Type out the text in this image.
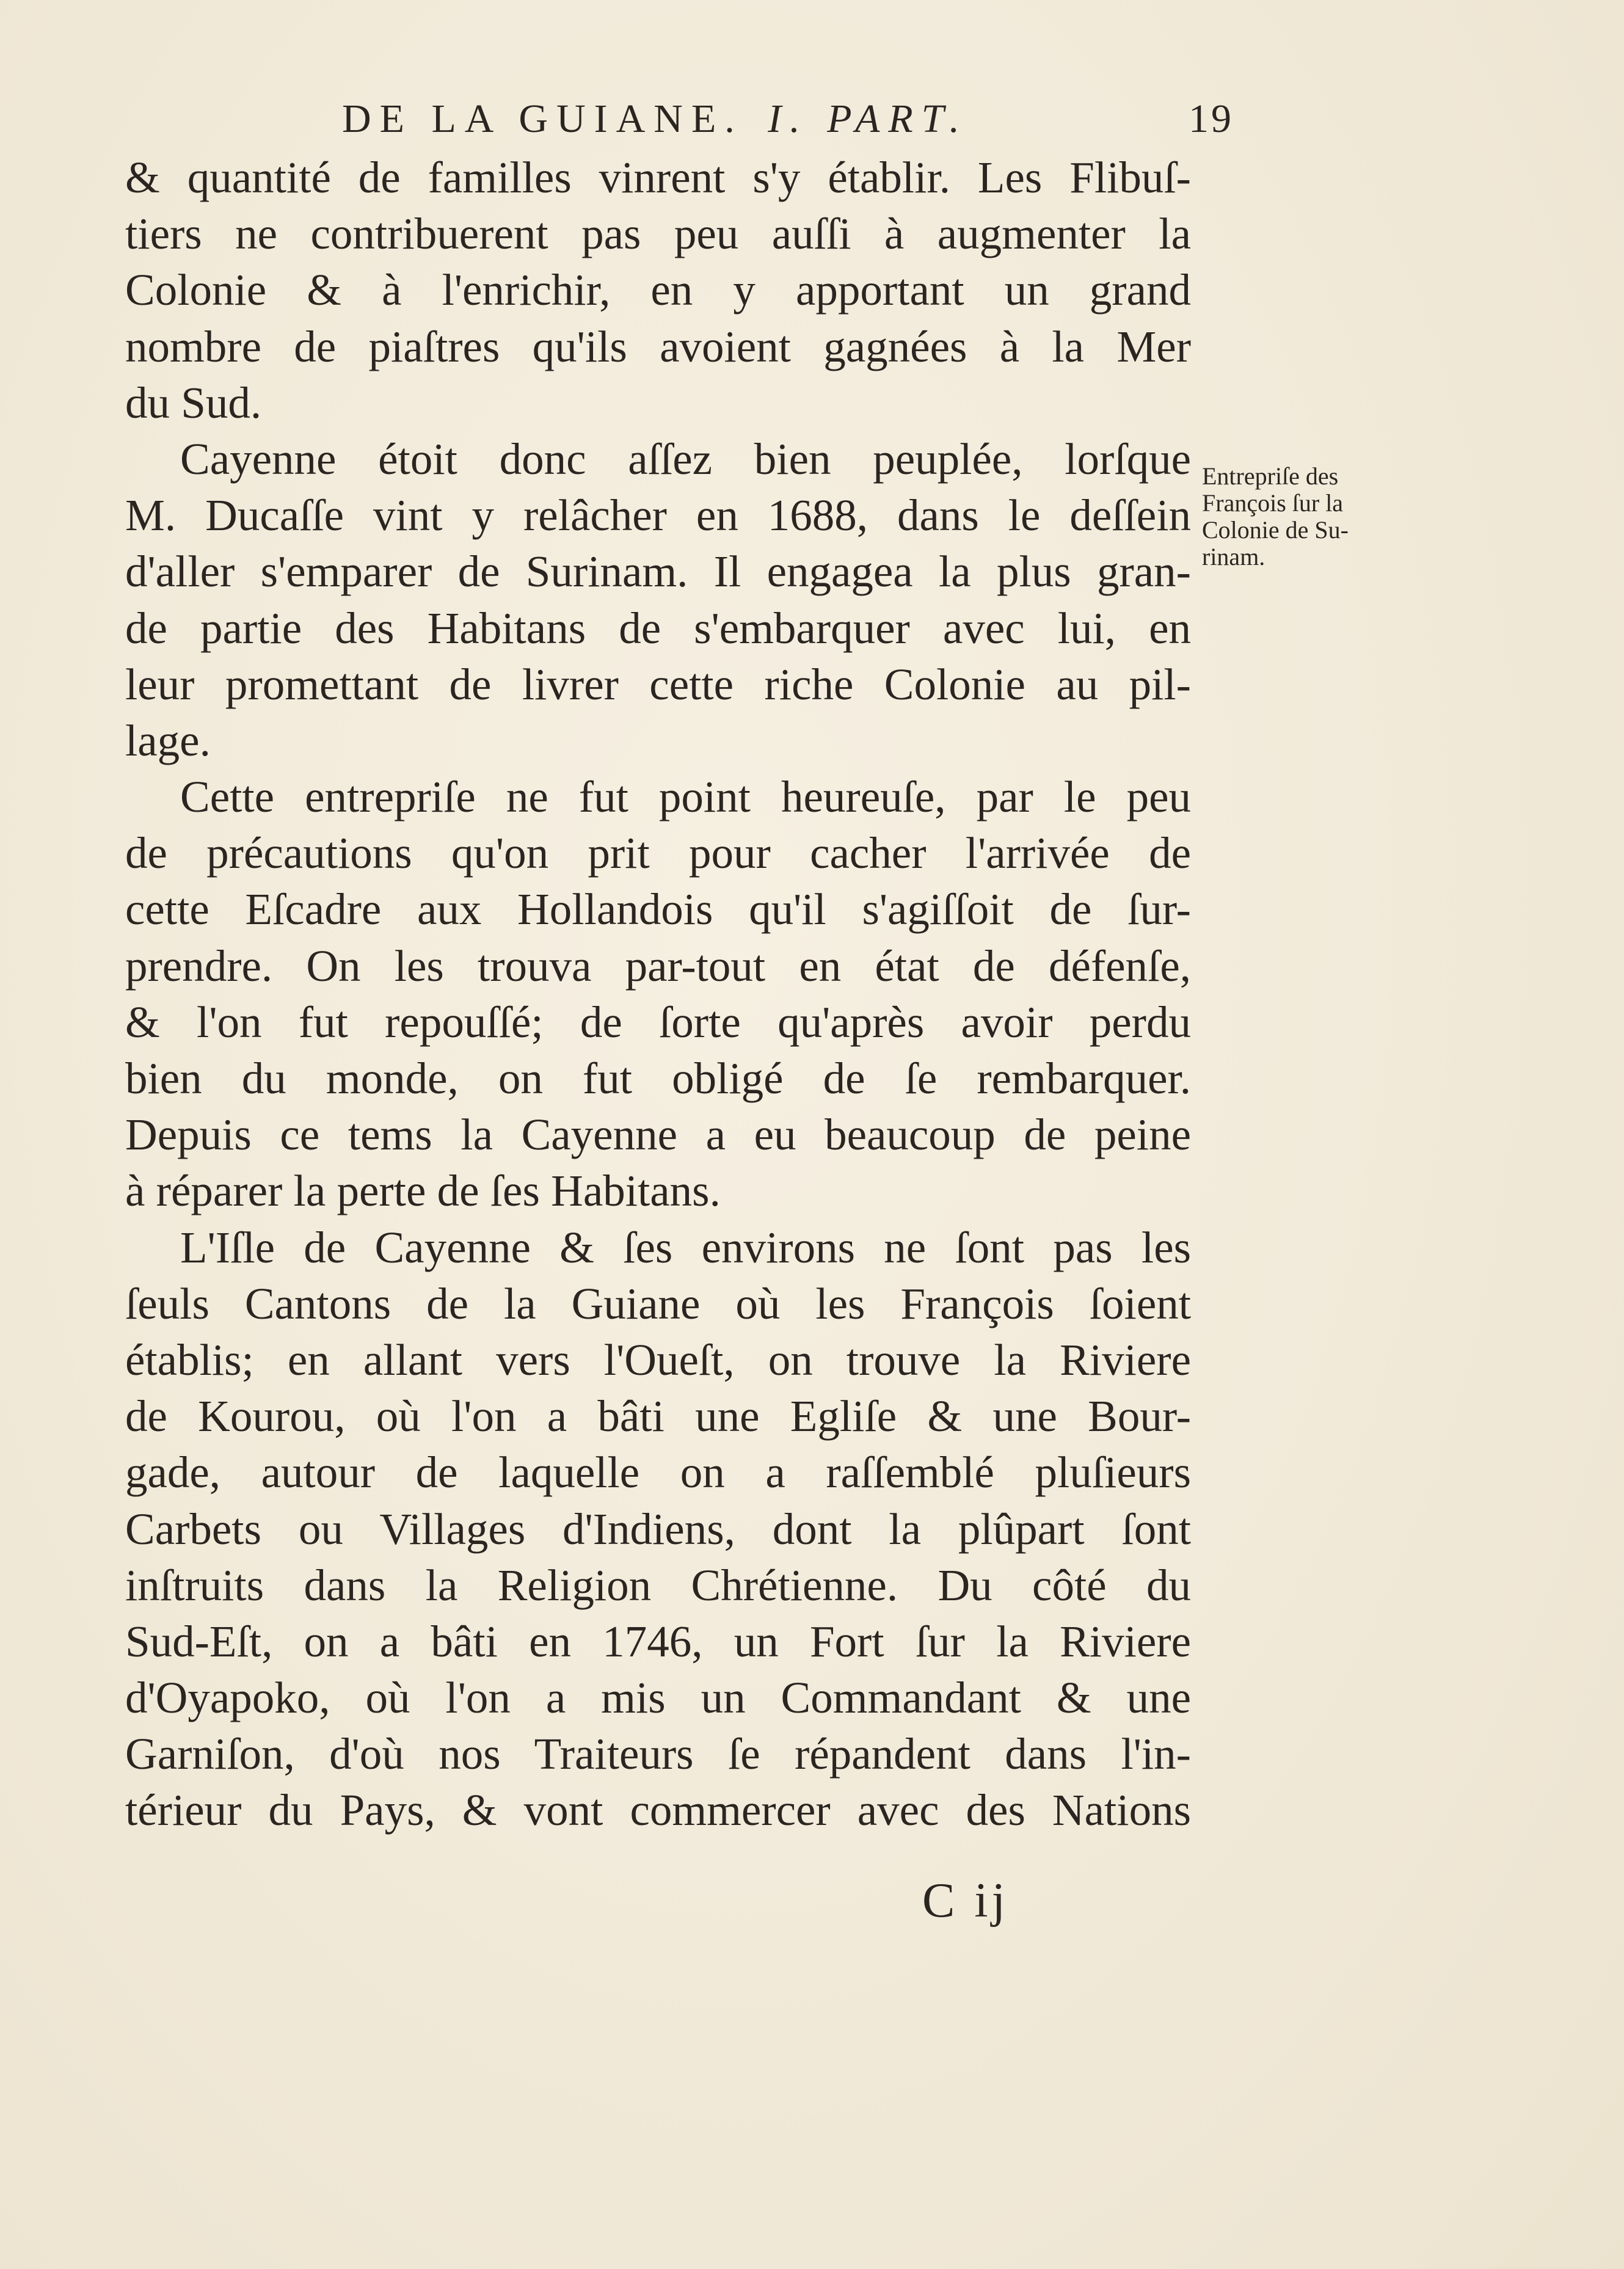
DE LA GUIANE. I. PART.	19
& quantité de familles vinrent s'y établir. Les Flibuſ-
tiers ne contribuerent pas peu auſſi à augmenter la
Colonie & à l'enrichir, en y apportant un grand
nombre de piaſtres qu'ils avoient gagnées à la Mer
du Sud.
Cayenne étoit donc aſſez bien peuplée, lorſque
M. Ducaſſe vint y relâcher en 1688, dans le deſſein
d'aller s'emparer de Surinam. Il engagea la plus gran-
de partie des Habitans de s'embarquer avec lui, en
leur promettant de livrer cette riche Colonie au pil-
lage.
Cette entrepriſe ne fut point heureuſe, par le peu
de précautions qu'on prit pour cacher l'arrivée de
cette Eſcadre aux Hollandois qu'il s'agiſſoit de ſur-
prendre. On les trouva par-tout en état de défenſe,
& l'on fut repouſſé; de ſorte qu'après avoir perdu
bien du monde, on fut obligé de ſe rembarquer.
Depuis ce tems la Cayenne a eu beaucoup de peine
à réparer la perte de ſes Habitans.
L'Iſle de Cayenne & ſes environs ne ſont pas les
ſeuls Cantons de la Guiane où les François ſoient
établis; en allant vers l'Oueſt, on trouve la Riviere
de Kourou, où l'on a bâti une Egliſe & une Bour-
gade, autour de laquelle on a raſſemblé pluſieurs
Carbets ou Villages d'Indiens, dont la plûpart ſont
inſtruits dans la Religion Chrétienne. Du côté du
Sud-Eſt, on a bâti en 1746, un Fort ſur la Riviere
d'Oyapoko, où l'on a mis un Commandant & une
Garniſon, d'où nos Traiteurs ſe répandent dans l'in-
térieur du Pays, & vont commercer avec des Nations
Entrepriſe des
François ſur la
Colonie de Su-
rinam.
C ij
